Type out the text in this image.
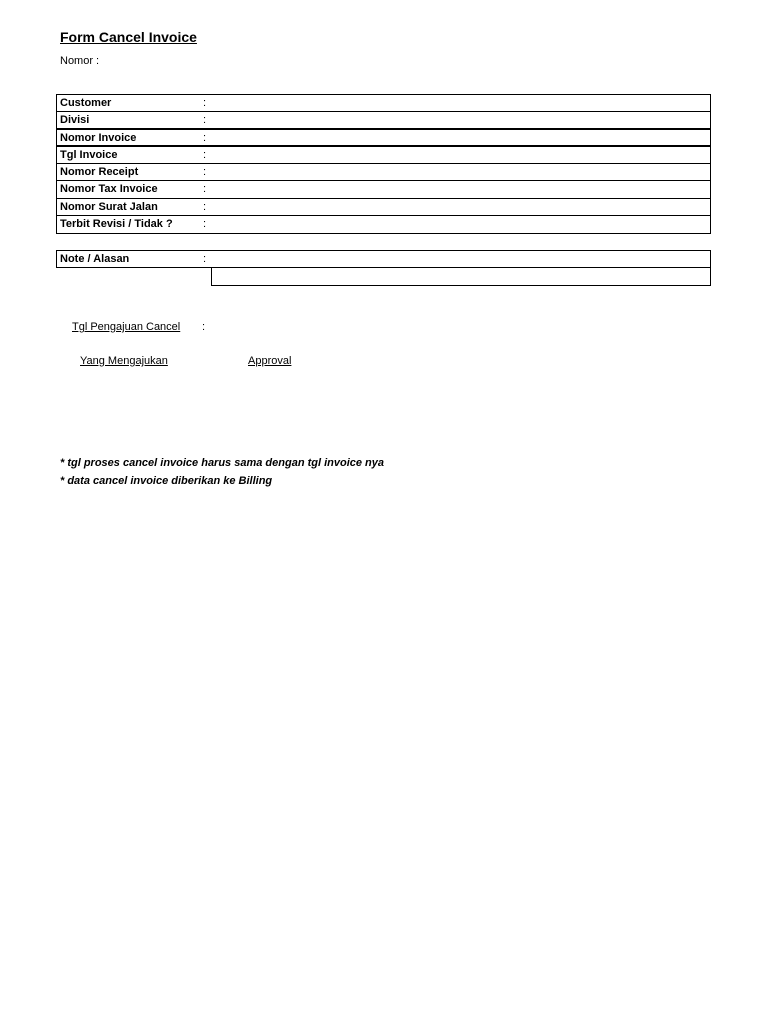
Form Cancel Invoice
Nomor :
Customer	:
Divisi	:
Nomor Invoice	:
Tgl Invoice	:
Nomor Receipt	:
Nomor Tax Invoice	:
Nomor Surat Jalan	:
Terbit Revisi / Tidak ?	:
Note / Alasan	:
Tgl Pengajuan Cancel :
Yang Mengajukan	Approval
* tgl proses cancel invoice harus sama dengan tgl invoice nya
* data cancel invoice diberikan ke Billing
